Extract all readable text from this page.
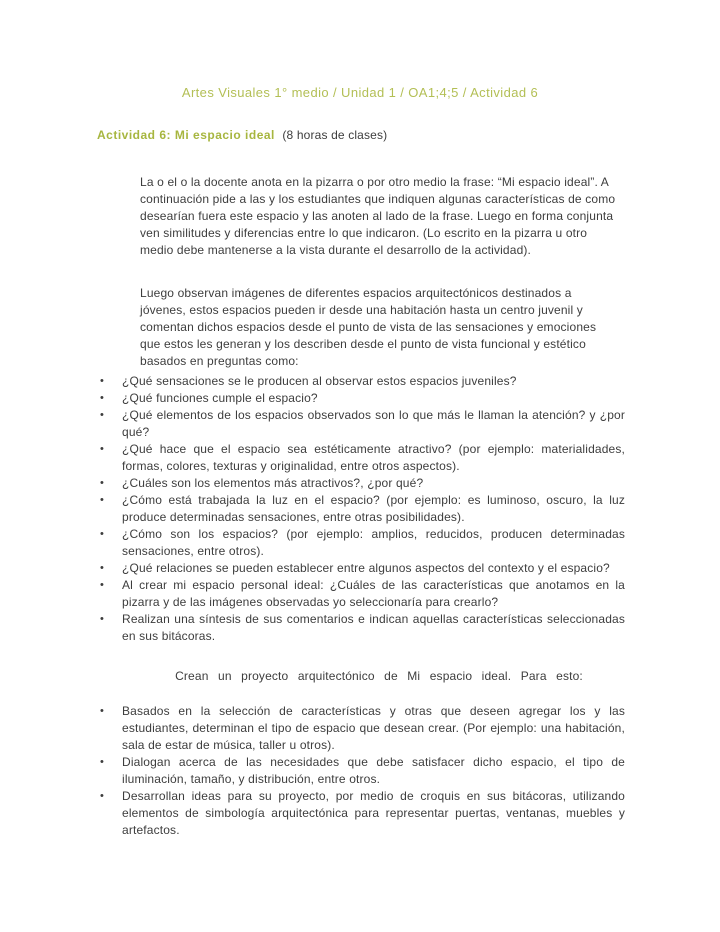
Artes Visuales 1° medio / Unidad 1 / OA1;4;5 / Actividad 6
Actividad 6: Mi espacio ideal (8 horas de clases)

La o el o la docente anota en la pizarra o por otro medio la frase: “Mi espacio ideal”. A continuación pide a las y los estudiantes que indiquen algunas características de como desearían fuera este espacio y las anoten al lado de la frase. Luego en forma conjunta ven similitudes y diferencias entre lo que indicaron. (Lo escrito en la pizarra u otro medio debe mantenerse a la vista durante el desarrollo de la actividad).

Luego observan imágenes de diferentes espacios arquitectónicos destinados a jóvenes, estos espacios pueden ir desde una habitación hasta un centro juvenil y comentan dichos espacios desde el punto de vista de las sensaciones y emociones que estos les generan y los describen desde el punto de vista funcional y estético basados en preguntas como:

• ¿Qué sensaciones se le producen al observar estos espacios juveniles?
• ¿Qué funciones cumple el espacio?
• ¿Qué elementos de los espacios observados son lo que más le llaman la atención? y ¿por qué?
• ¿Qué hace que el espacio sea estéticamente atractivo? (por ejemplo: materialidades, formas, colores, texturas y originalidad, entre otros aspectos).
• ¿Cuáles son los elementos más atractivos?, ¿por qué?
• ¿Cómo está trabajada la luz en el espacio? (por ejemplo: es luminoso, oscuro, la luz produce determinadas sensaciones, entre otras posibilidades).
• ¿Cómo son los espacios? (por ejemplo: amplios, reducidos, producen determinadas sensaciones, entre otros).
• ¿Qué relaciones se pueden establecer entre algunos aspectos del contexto y el espacio?
• Al crear mi espacio personal ideal: ¿Cuáles de las características que anotamos en la pizarra y de las imágenes observadas yo seleccionaría para crearlo?
• Realizan una síntesis de sus comentarios e indican aquellas características seleccionadas en sus bitácoras.
Crean un proyecto arquitectónico de Mi espacio ideal. Para esto:
• Basados en la selección de características y otras que deseen agregar los y las estudiantes, determinan el tipo de espacio que desean crear. (Por ejemplo: una habitación, sala de estar de música, taller u otros).
• Dialogan acerca de las necesidades que debe satisfacer dicho espacio, el tipo de iluminación, tamaño, y distribución, entre otros.
• Desarrollan ideas para su proyecto, por medio de croquis en sus bitácoras, utilizando elementos de simbología arquitectónica para representar puertas, ventanas, muebles y artefactos.
